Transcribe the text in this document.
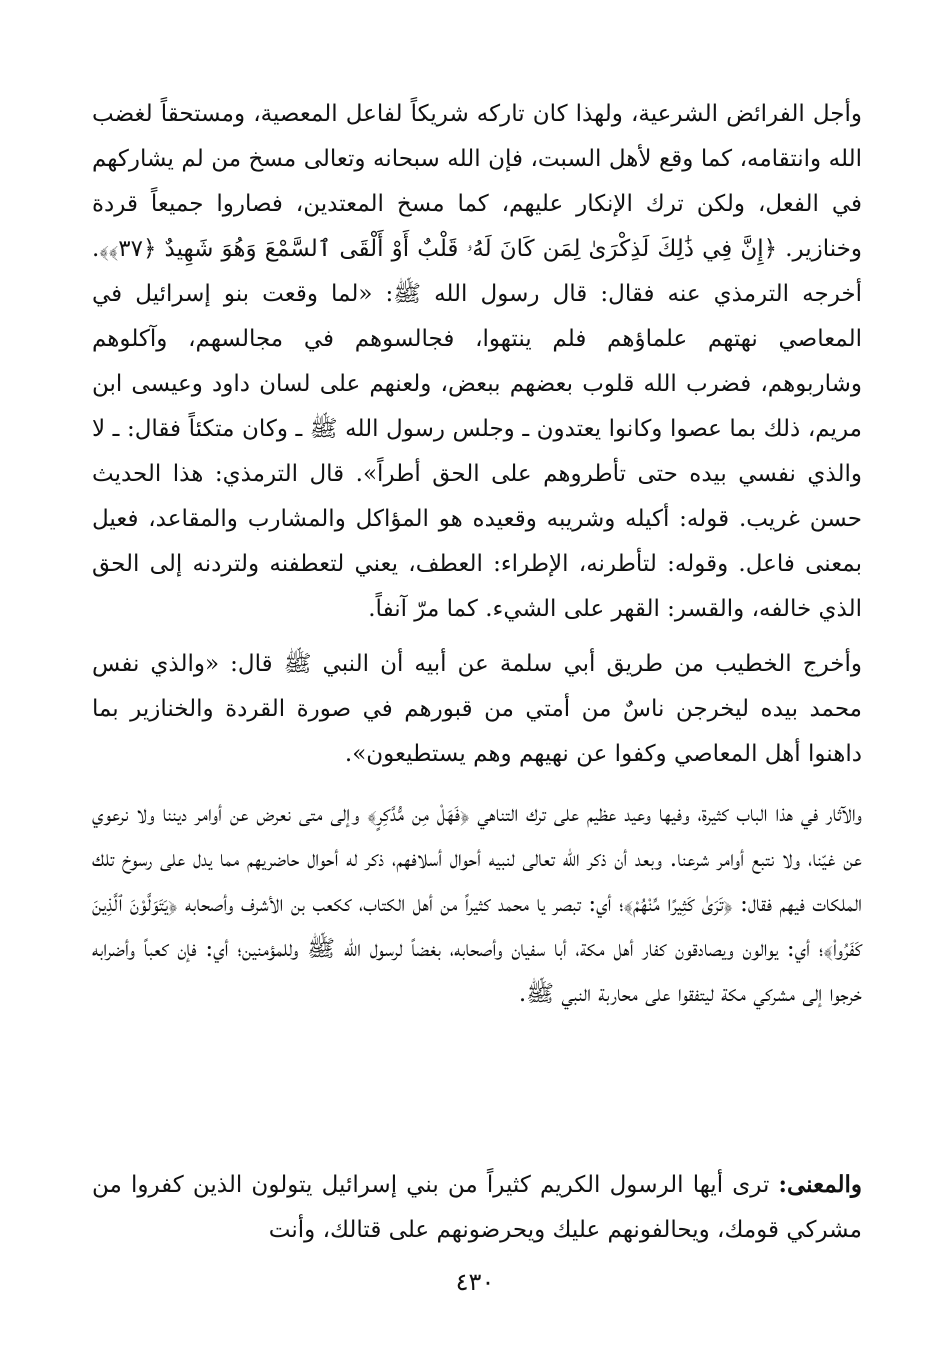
وأجل الفرائض الشرعية، ولهذا كان تاركه شريكاً لفاعل المعصية، ومستحقاً لغضب الله وانتقامه، كما وقع لأهل السبت، فإن الله سبحانه وتعالى مسخ من لم يشاركهم في الفعل، ولكن ترك الإنكار عليهم، كما مسخ المعتدين، فصاروا جميعاً قردة وخنازير. ﴿إِنَّ فِي ذَٰلِكَ لَذِكْرَىٰ لِمَن كَانَ لَهُۥ قَلْبٌ أَوْ أَلْقَى ٱلسَّمْعَ وَهُوَ شَهِيدٌ ﴿٣٧﴾﴾. أخرجه الترمذي عنه فقال: قال رسول الله ﷺ: «لما وقعت بنو إسرائيل في المعاصي نهتهم علماؤهم فلم ينتهوا، فجالسوهم في مجالسهم، وآكلوهم وشاربوهم، فضرب الله قلوب بعضهم ببعض، ولعنهم على لسان داود وعيسى ابن مريم، ذلك بما عصوا وكانوا يعتدون ـ وجلس رسول الله ﷺ ـ وكان متكئاً فقال: ـ لا والذي نفسي بيده حتى تأطروهم على الحق أطراً». قال الترمذي: هذا الحديث حسن غريب. قوله: أكيله وشريبه وقعيده هو المؤاكل والمشارب والمقاعد، فعيل بمعنى فاعل. وقوله: لتأطرنه، الإطراء: العطف، يعني لتعطفنه ولتردنه إلى الحق الذي خالفه، والقسر: القهر على الشيء. كما مرّ آنفاً.

وأخرج الخطيب من طريق أبي سلمة عن أبيه أن النبي ﷺ قال: «والذي نفس محمد بيده ليخرجن ناسٌ من أمتي من قبورهم في صورة القردة والخنازير بما داهنوا أهل المعاصي وكفوا عن نهيهم وهم يستطيعون».

والآثار في هذا الباب كثيرة، وفيها وعيد عظيم على ترك التناهي ﴿فَهَلْ مِن مُّدَّكِرٍ﴾ وإلى متى نعرض عن أوامر ديننا ولا نرعوي عن غيّنا، ولا نتبع أوامر شرعنا. وبعد أن ذكر الله تعالى لنبيه أحوال أسلافهم، ذكر له أحوال حاضريهم مما يدل على رسوخ تلك الملكات فيهم فقال: ﴿تَرَىٰ كَثِيرًا مِّنْهُمْ﴾؛ أي: تبصر يا محمد كثيراً من أهل الكتاب، ككعب بن الأشرف وأصحابه ﴿يَتَوَلَّوْنَ ٱلَّذِينَ كَفَرُوا۟﴾؛ أي: يوالون ويصادقون كفار أهل مكة، أبا سفيان وأصحابه، بغضاً لرسول الله ﷺ وللمؤمنين؛ أي: فإن كعباً وأضرابه خرجوا إلى مشركي مكة ليتفقوا على محاربة النبي ﷺ.

والمعنى: ترى أيها الرسول الكريم كثيراً من بني إسرائيل يتولون الذين كفروا من مشركي قومك، ويحالفونهم عليك ويحرضونهم على قتالك، وأنت

٤٣٠
